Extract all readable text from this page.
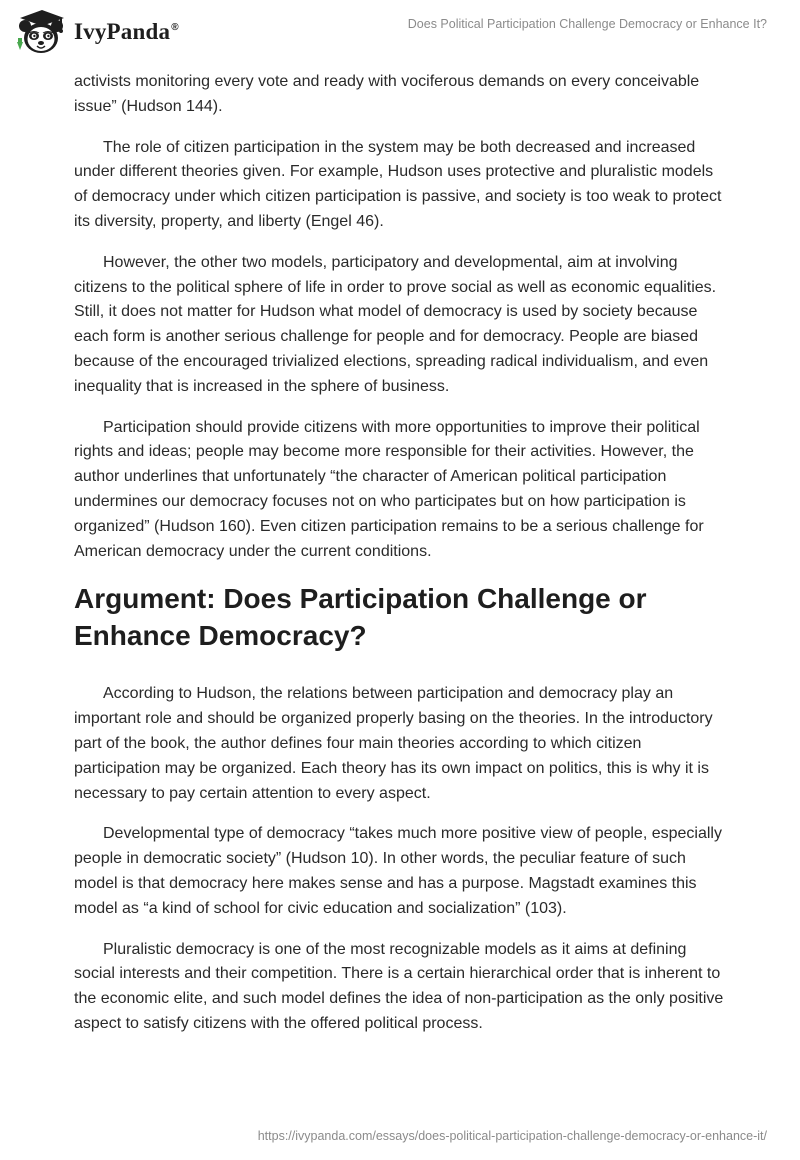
IvyPanda®	Does Political Participation Challenge Democracy or Enhance It?

activists monitoring every vote and ready with vociferous demands on every conceivable issue” (Hudson 144).

The role of citizen participation in the system may be both decreased and increased under different theories given. For example, Hudson uses protective and pluralistic models of democracy under which citizen participation is passive, and society is too weak to protect its diversity, property, and liberty (Engel 46).

However, the other two models, participatory and developmental, aim at involving citizens to the political sphere of life in order to prove social as well as economic equalities. Still, it does not matter for Hudson what model of democracy is used by society because each form is another serious challenge for people and for democracy. People are biased because of the encouraged trivialized elections, spreading radical individualism, and even inequality that is increased in the sphere of business.

Participation should provide citizens with more opportunities to improve their political rights and ideas; people may become more responsible for their activities. However, the author underlines that unfortunately “the character of American political participation undermines our democracy focuses not on who participates but on how participation is organized” (Hudson 160). Even citizen participation remains to be a serious challenge for American democracy under the current conditions.

Argument: Does Participation Challenge or Enhance Democracy?

According to Hudson, the relations between participation and democracy play an important role and should be organized properly basing on the theories. In the introductory part of the book, the author defines four main theories according to which citizen participation may be organized. Each theory has its own impact on politics, this is why it is necessary to pay certain attention to every aspect.

Developmental type of democracy “takes much more positive view of people, especially people in democratic society” (Hudson 10). In other words, the peculiar feature of such model is that democracy here makes sense and has a purpose. Magstadt examines this model as “a kind of school for civic education and socialization” (103).

Pluralistic democracy is one of the most recognizable models as it aims at defining social interests and their competition. There is a certain hierarchical order that is inherent to the economic elite, and such model defines the idea of non-participation as the only positive aspect to satisfy citizens with the offered political process.

https://ivypanda.com/essays/does-political-participation-challenge-democracy-or-enhance-it/
